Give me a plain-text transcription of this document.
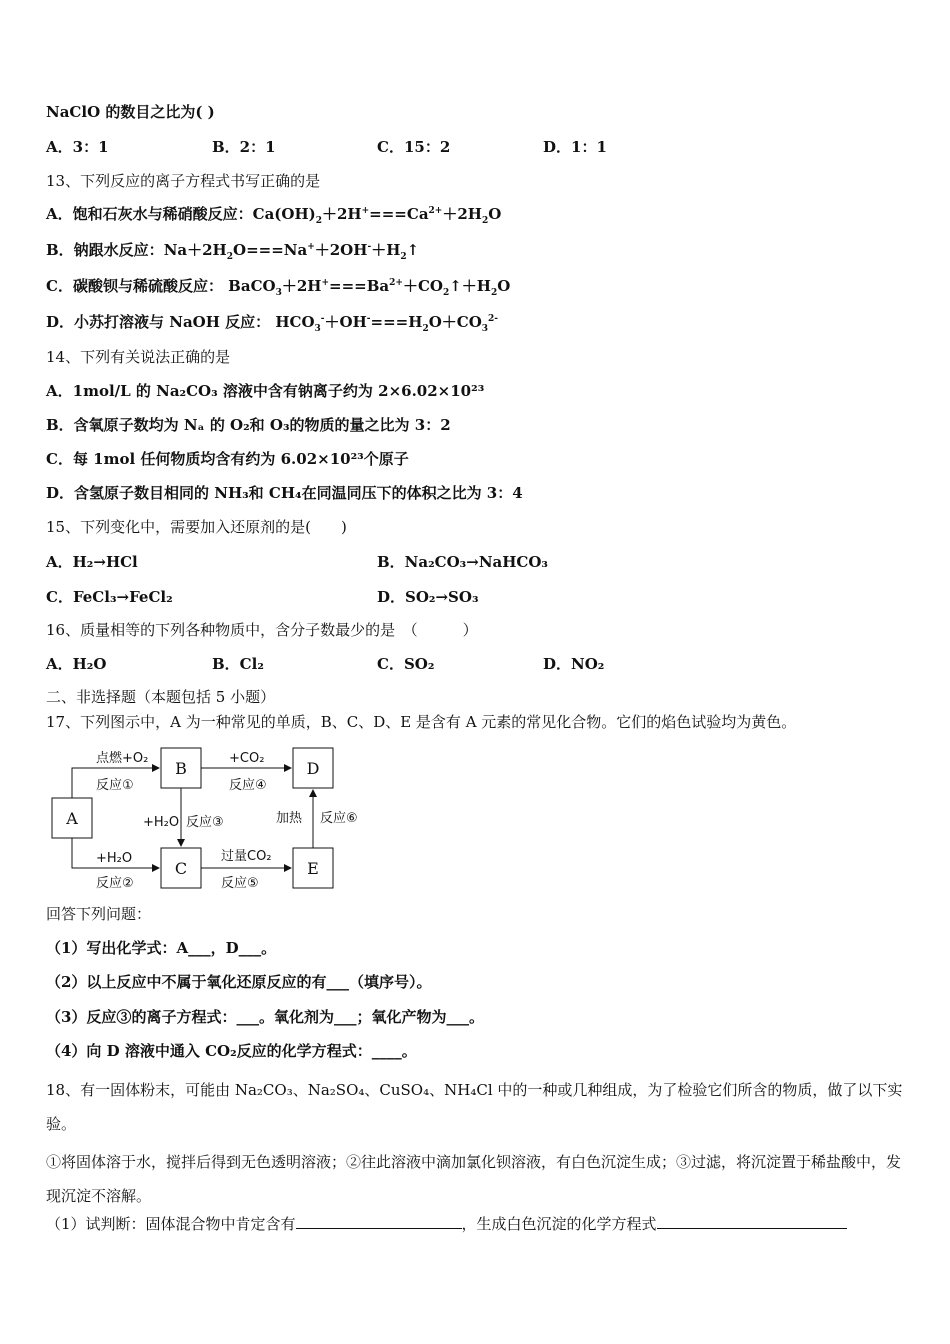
NaClO 的数目之比为( )
A．3：1	B．2：1	C．15：2	D．1：1
13、下列反应的离子方程式书写正确的是
A．饱和石灰水与稀硝酸反应：$Ca(OH)_2+2H^+===Ca^{2+}+2H_2O$
B．钠跟水反应：$Na+2H_2O===Na^++2OH^-+H_2↑$
C．碳酸钡与稀硫酸反应： $BaCO_3+2H^+===Ba^{2+}+CO_2↑+H_2O$
D．小苏打溶液与 NaOH 反应： $HCO_3^-+OH^-===H_2O+CO_3^{2-}$
14、下列有关说法正确的是
A．1mol/L 的 Na₂CO₃ 溶液中含有钠离子约为 2×6.02×10²³
B．含氧原子数均为 Nₐ 的 O₂和 O₃的物质的量之比为 3：2
C．每 1mol 任何物质均含有约为 6.02×10²³个原子
D．含氢原子数目相同的 NH₃和 CH₄在同温同压下的体积之比为 3：4
15、下列变化中，需要加入还原剂的是(　　)
A．H₂→HCl	B．Na₂CO₃→NaHCO₃
C．FeCl₃→FeCl₂	D．SO₂→SO₃
16、质量相等的下列各种物质中，含分子数最少的是　（　　　）
A．H₂O	B．Cl₂	C．SO₂	D．NO₂
二、非选择题（本题包括 5 小题）
17、下列图示中，A 为一种常见的单质，B、C、D、E 是含有 A 元素的常见化合物。它们的焰色试验均为黄色。
A
B
C
D
E
点燃+O₂
反应①
+CO₂
反应④
+H₂O 反应③	加热 反应⑥
+H₂O
反应②
过量CO₂
反应⑤
回答下列问题：
（1）写出化学式：A___，D___。
（2）以上反应中不属于氧化还原反应的有___（填序号）。
（3）反应③的离子方程式：___。氧化剂为___；氧化产物为___。
（4）向 D 溶液中通入 CO₂反应的化学方程式：____。
18、有一固体粉末，可能由 Na₂CO₃、Na₂SO₄、CuSO₄、NH₄Cl 中的一种或几种组成，为了检验它们所含的物质，做了以下实验。
①将固体溶于水，搅拌后得到无色透明溶液；②往此溶液中滴加氯化钡溶液，有白色沉淀生成；③过滤，将沉淀置于稀盐酸中，发现沉淀不溶解。
（1）试判断：固体混合物中肯定含有	，生成白色沉淀的化学方程式
